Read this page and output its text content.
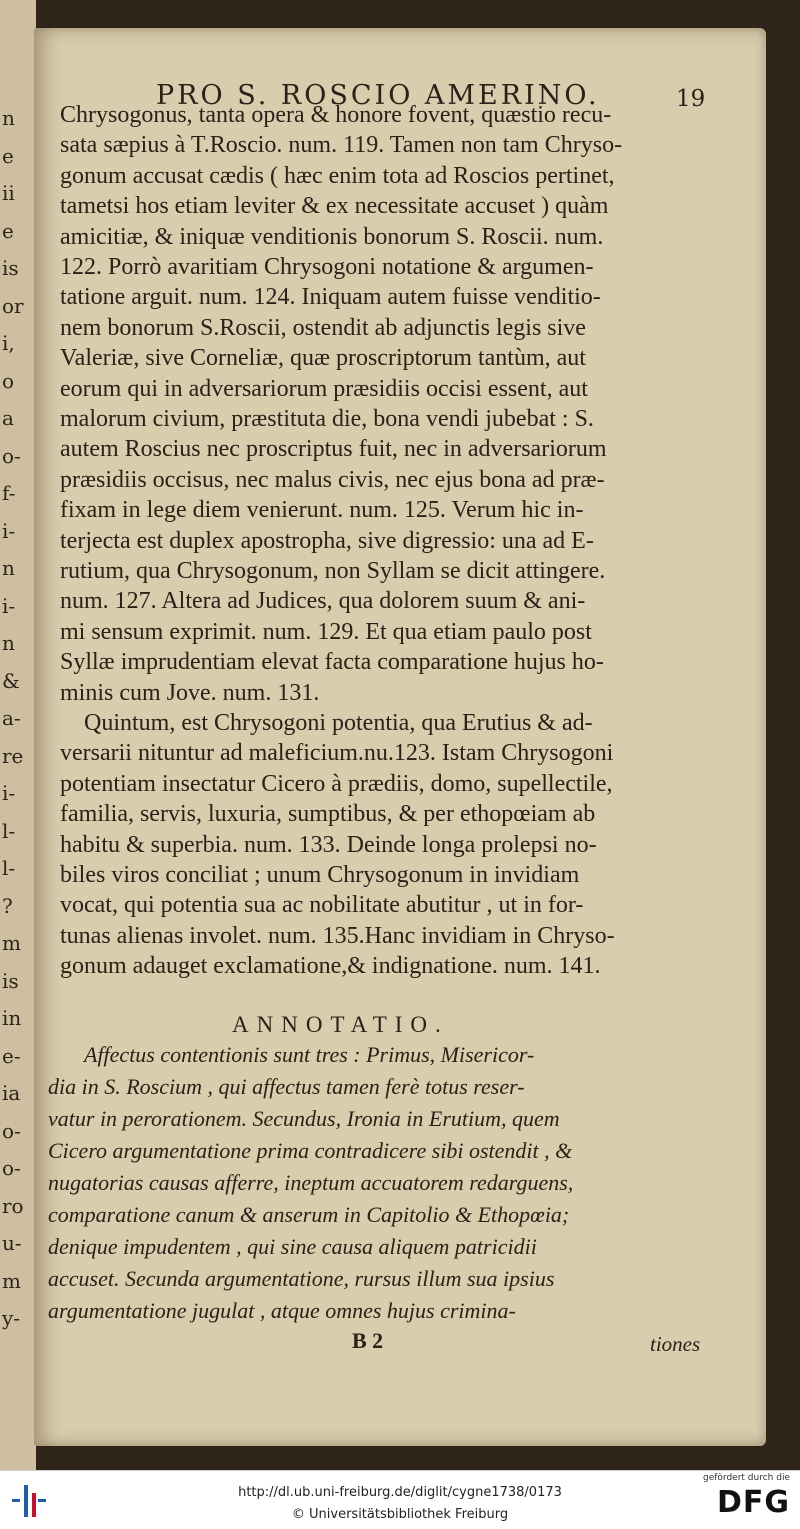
n
e
ii
e
is
or
i,
o
a
o-
f-
i-
n
i-
n
&
a-
re
i-
l-
l-
?
m
is
in
e-
ia
o-
o-
ro
u-
m
y-
PRO S. ROSCIO AMERINO.	19
Chrysogonus, tanta opera & honore fovent, quæstio recu-
sata sæpius à T.Roscio. num. 119. Tamen non tam Chryso-
gonum accusat cædis ( hæc enim tota ad Roscios pertinet,
tametsi hos etiam leviter & ex necessitate accuset ) quàm
amicitiæ, & iniquæ venditionis bonorum S. Roscii. num.
122. Porrò avaritiam Chrysogoni notatione & argumen-
tatione arguit. num. 124. Iniquam autem fuisse venditio-
nem bonorum S.Roscii, ostendit ab adjunctis legis sive
Valeriæ, sive Corneliæ, quæ proscriptorum tantùm, aut
eorum qui in adversariorum præsidiis occisi essent, aut
malorum civium, præstituta die, bona vendi jubebat : S.
autem Roscius nec proscriptus fuit, nec in adversariorum
præsidiis occisus, nec malus civis, nec ejus bona ad præ-
fixam in lege diem venierunt. num. 125. Verum hic in-
terjecta est duplex apostropha, sive digressio: una ad E-
rutium, qua Chrysogonum, non Syllam se dicit attingere.
num. 127. Altera ad Judices, qua dolorem suum & ani-
mi sensum exprimit. num. 129. Et qua etiam paulo post
Syllæ imprudentiam elevat facta comparatione hujus ho-
minis cum Jove. num. 131.
Quintum, est Chrysogoni potentia, qua Erutius & ad-
versarii nituntur ad maleficium.nu.123. Istam Chrysogoni
potentiam insectatur Cicero à prædiis, domo, supellectile,
familia, servis, luxuria, sumptibus, & per ethopœiam ab
habitu & superbia. num. 133. Deinde longa prolepsi no-
biles viros conciliat ; unum Chrysogonum in invidiam
vocat, qui potentia sua ac nobilitate abutitur , ut in for-
tunas alienas involet. num. 135.Hanc invidiam in Chryso-
gonum adauget exclamatione,& indignatione. num. 141.
ANNOTATIO.
Affectus contentionis sunt tres : Primus, Misericor-
dia in S. Roscium , qui affectus tamen ferè totus reser-
vatur in perorationem. Secundus, Ironia in Erutium, quem
Cicero argumentatione prima contradicere sibi ostendit , &
nugatorias causas afferre, ineptum accuatorem redarguens,
comparatione canum & anserum in Capitolio & Ethopœia;
denique impudentem , qui sine causa aliquem patricidii
accuset. Secunda argumentatione, rursus illum sua ipsius
argumentatione jugulat , atque omnes hujus crimina-
B 2	tiones
http://dl.ub.uni-freiburg.de/diglit/cygne1738/0173
© Universitätsbibliothek Freiburg
gefördert durch die
DFG
